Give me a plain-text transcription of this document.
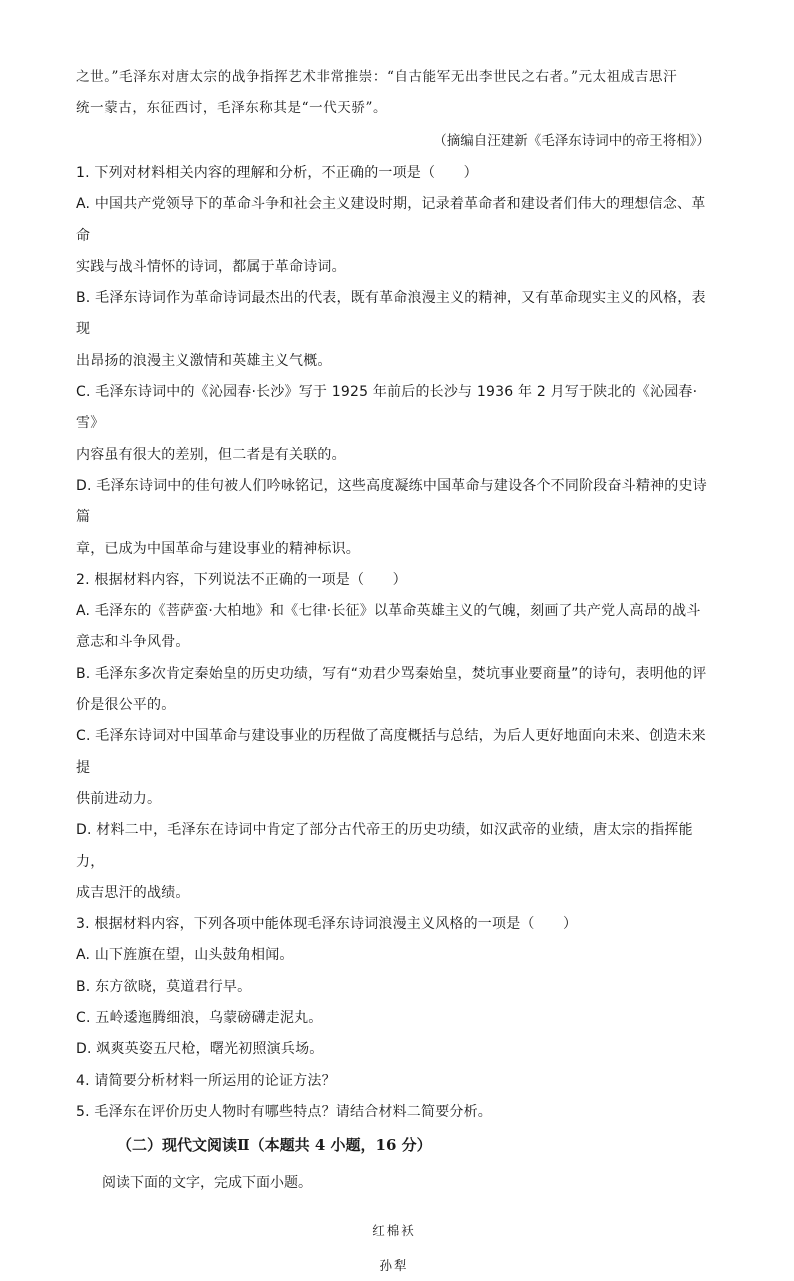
之世。”毛泽东对唐太宗的战争指挥艺术非常推崇：“自古能军无出李世民之右者。”元太祖成吉思汗

统一蒙古，东征西讨，毛泽东称其是“一代天骄”。

（摘编自汪建新《毛泽东诗词中的帝王将相》）

1. 下列对材料相关内容的理解和分析，不正确的一项是（　　）

A. 中国共产党领导下的革命斗争和社会主义建设时期，记录着革命者和建设者们伟大的理想信念、革命

实践与战斗情怀的诗词，都属于革命诗词。

B. 毛泽东诗词作为革命诗词最杰出的代表，既有革命浪漫主义的精神，又有革命现实主义的风格，表现

出昂扬的浪漫主义激情和英雄主义气概。

C. 毛泽东诗词中的《沁园春·长沙》写于 1925 年前后的长沙与 1936 年 2 月写于陕北的《沁园春·雪》

内容虽有很大的差别，但二者是有关联的。

D. 毛泽东诗词中的佳句被人们吟咏铭记，这些高度凝练中国革命与建设各个不同阶段奋斗精神的史诗篇

章，已成为中国革命与建设事业的精神标识。

2. 根据材料内容，下列说法不正确的一项是（　　）

A. 毛泽东的《菩萨蛮·大柏地》和《七律·长征》以革命英雄主义的气魄，刻画了共产党人高昂的战斗

意志和斗争风骨。

B. 毛泽东多次肯定秦始皇的历史功绩，写有“劝君少骂秦始皇，焚坑事业要商量”的诗句，表明他的评

价是很公平的。

C. 毛泽东诗词对中国革命与建设事业的历程做了高度概括与总结，为后人更好地面向未来、创造未来提

供前进动力。

D. 材料二中，毛泽东在诗词中肯定了部分古代帝王的历史功绩，如汉武帝的业绩，唐太宗的指挥能力，

成吉思汗的战绩。

3. 根据材料内容，下列各项中能体现毛泽东诗词浪漫主义风格的一项是（　　）

A. 山下旌旗在望，山头鼓角相闻。

B. 东方欲晓，莫道君行早。

C. 五岭逶迤腾细浪，乌蒙磅礴走泥丸。

D. 飒爽英姿五尺枪，曙光初照演兵场。

4. 请简要分析材料一所运用的论证方法？

5. 毛泽东在评价历史人物时有哪些特点？请结合材料二简要分析。

（二）现代文阅读Ⅱ（本题共 4 小题，16 分）

阅读下面的文字，完成下面小题。

红棉袄

孙犁
